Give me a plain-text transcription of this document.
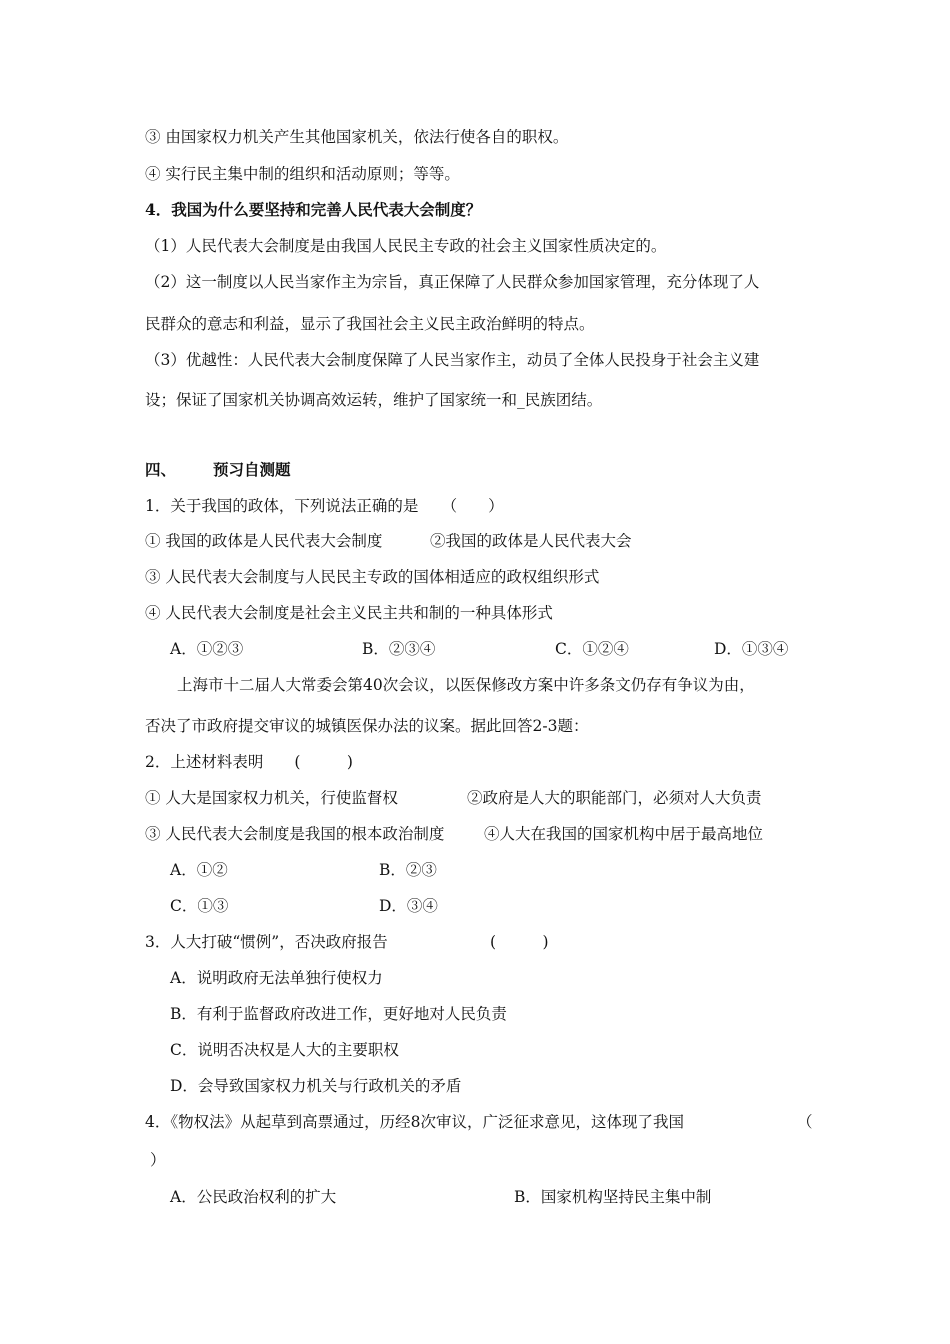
③ 由国家权力机关产生其他国家机关，依法行使各自的职权。
④ 实行民主集中制的组织和活动原则；等等。
4．我国为什么要坚持和完善人民代表大会制度？
（1）人民代表大会制度是由我国人民民主专政的社会主义国家性质决定的。
（2）这一制度以人民当家作主为宗旨，真正保障了人民群众参加国家管理，充分体现了人
民群众的意志和利益，显示了我国社会主义民主政治鲜明的特点。
（3）优越性：人民代表大会制度保障了人民当家作主，动员了全体人民投身于社会主义建
设；保证了国家机关协调高效运转，维护了国家统一和_民族团结。
四、 预习自测题
1．关于我国的政体，下列说法正确的是　　（　　）
① 我国的政体是人民代表大会制度	②我国的政体是人民代表大会
③ 人民代表大会制度与人民民主专政的国体相适应的政权组织形式
④ 人民代表大会制度是社会主义民主共和制的一种具体形式
A．①②③	B．②③④	C．①②④	D．①③④
上海市十二届人大常委会第40次会议，以医保修改方案中许多条文仍存有争议为由，
否决了市政府提交审议的城镇医保办法的议案。据此回答2-3题：
2．上述材料表明　　(　　　)
① 人大是国家权力机关，行使监督权	②政府是人大的职能部门，必须对人大负责
③ 人民代表大会制度是我国的根本政治制度	④人大在我国的国家机构中居于最高地位
A．①②	B．②③
C．①③	D．③④
3．人大打破“惯例”，否决政府报告	(　　　)
A．说明政府无法单独行使权力
B．有利于监督政府改进工作，更好地对人民负责
C．说明否决权是人大的主要职权
D．会导致国家权力机关与行政机关的矛盾
4．《物权法》从起草到高票通过，历经8次审议，广泛征求意见，这体现了我国	（
）
A．公民政治权利的扩大	B．国家机构坚持民主集中制
